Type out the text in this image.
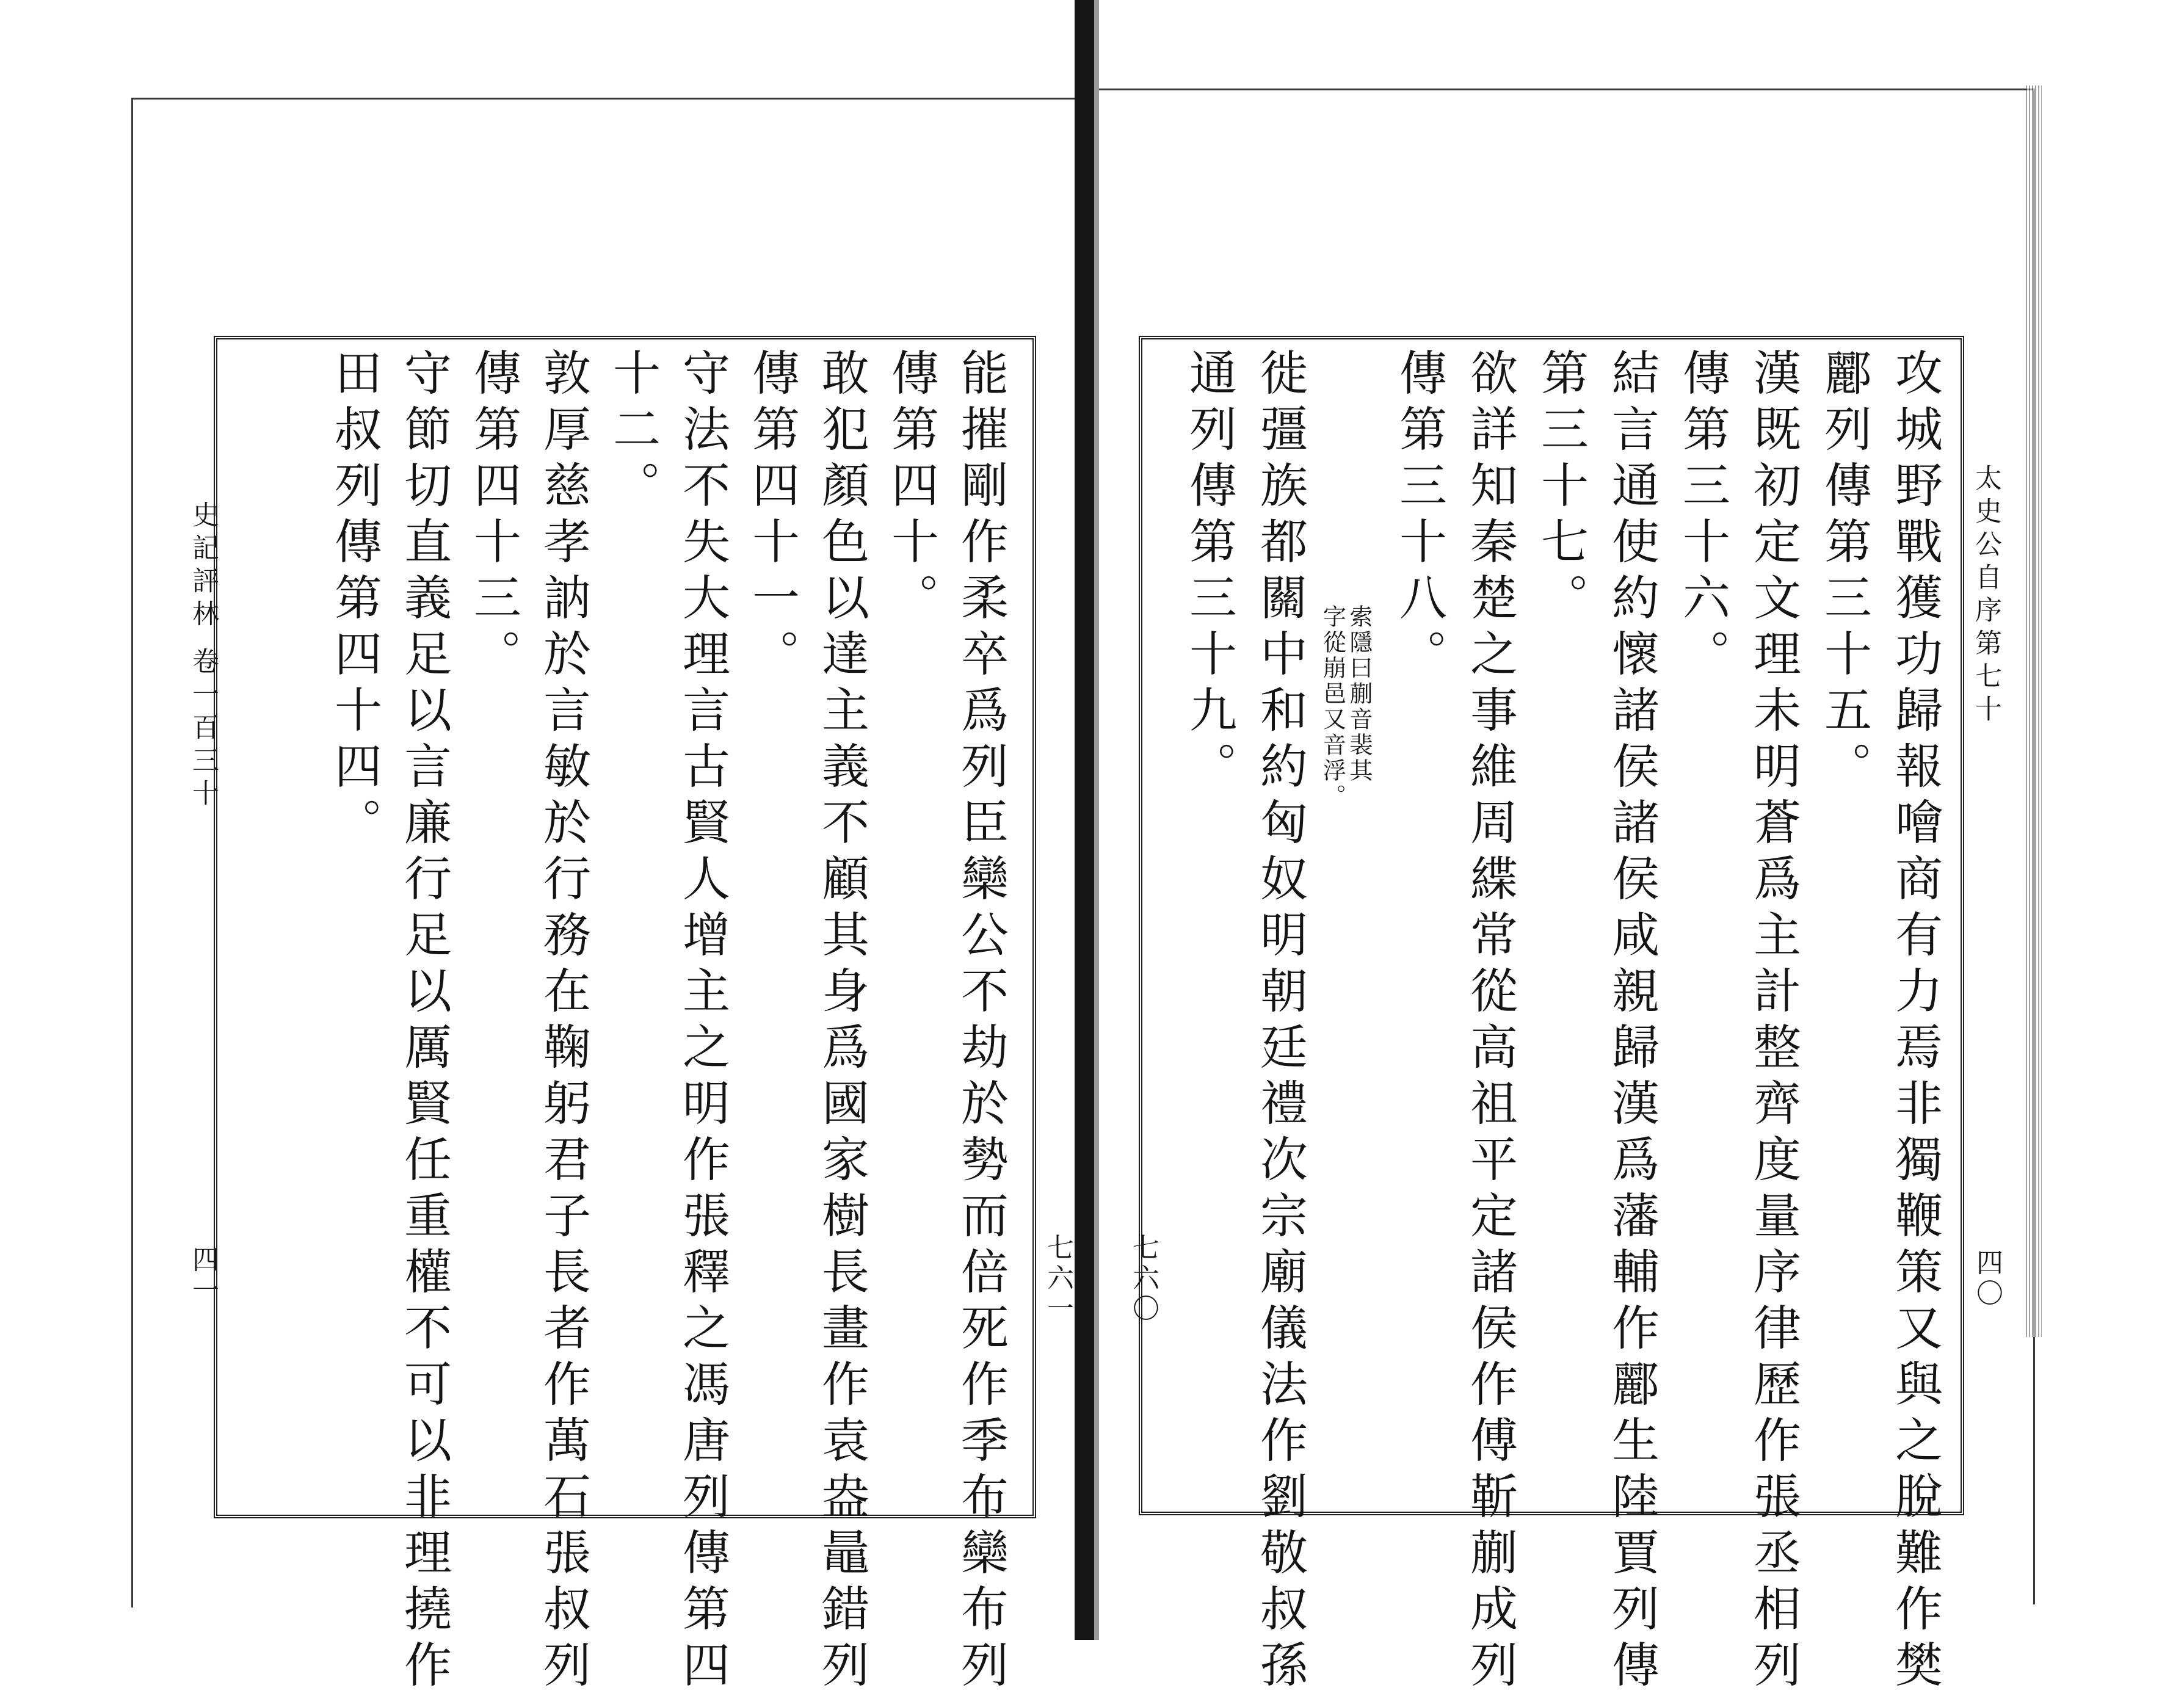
史記評林 卷一百三十
四一	七六一
能摧剛作柔卒爲列臣欒公不劫於勢而倍死作季布欒布列
傳第四十。
敢犯顏色以達主義不顧其身爲國家樹長畫作袁盎鼂錯列
傳第四十一。
守法不失大理言古賢人增主之明作張釋之馮唐列傳第四
十二。
敦厚慈孝訥於言敏於行務在鞠躬君子長者作萬石張叔列
傳第四十三。
守節切直義足以言廉行足以厲賢任重權不可以非理撓作
田叔列傳第四十四。	太史公自序第七十
四〇
七六〇	攻城野戰獲功歸報噲商有力焉非獨鞭策又與之脫難作樊
酈列傳第三十五。
漢既初定文理未明蒼爲主計整齊度量序律歷作張丞相列
傳第三十六。
結言通使約懷諸侯諸侯咸親歸漢爲藩輔作酈生陸賈列傳
第三十七。
欲詳知秦楚之事維周緤常從高祖平定諸侯作傅靳蒯成列
傳第三十八。
索隱曰蒯音裴其
字從崩邑又音浮。
徙彊族都關中和約匈奴明朝廷禮次宗廟儀法作劉敬叔孫
通列傳第三十九。
